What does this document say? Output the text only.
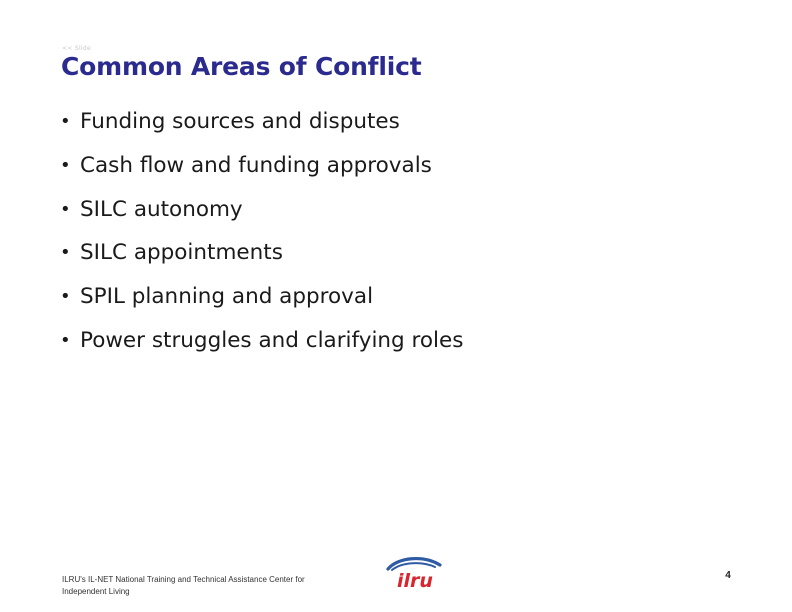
<< Slide
Common Areas of Conflict
• Funding sources and disputes
• Cash flow and funding approvals
• SILC autonomy
• SILC appointments
• SPIL planning and approval
• Power struggles and clarifying roles
ILRU's IL-NET National Training and Technical Assistance Center for
Independent Living	ilru	4
